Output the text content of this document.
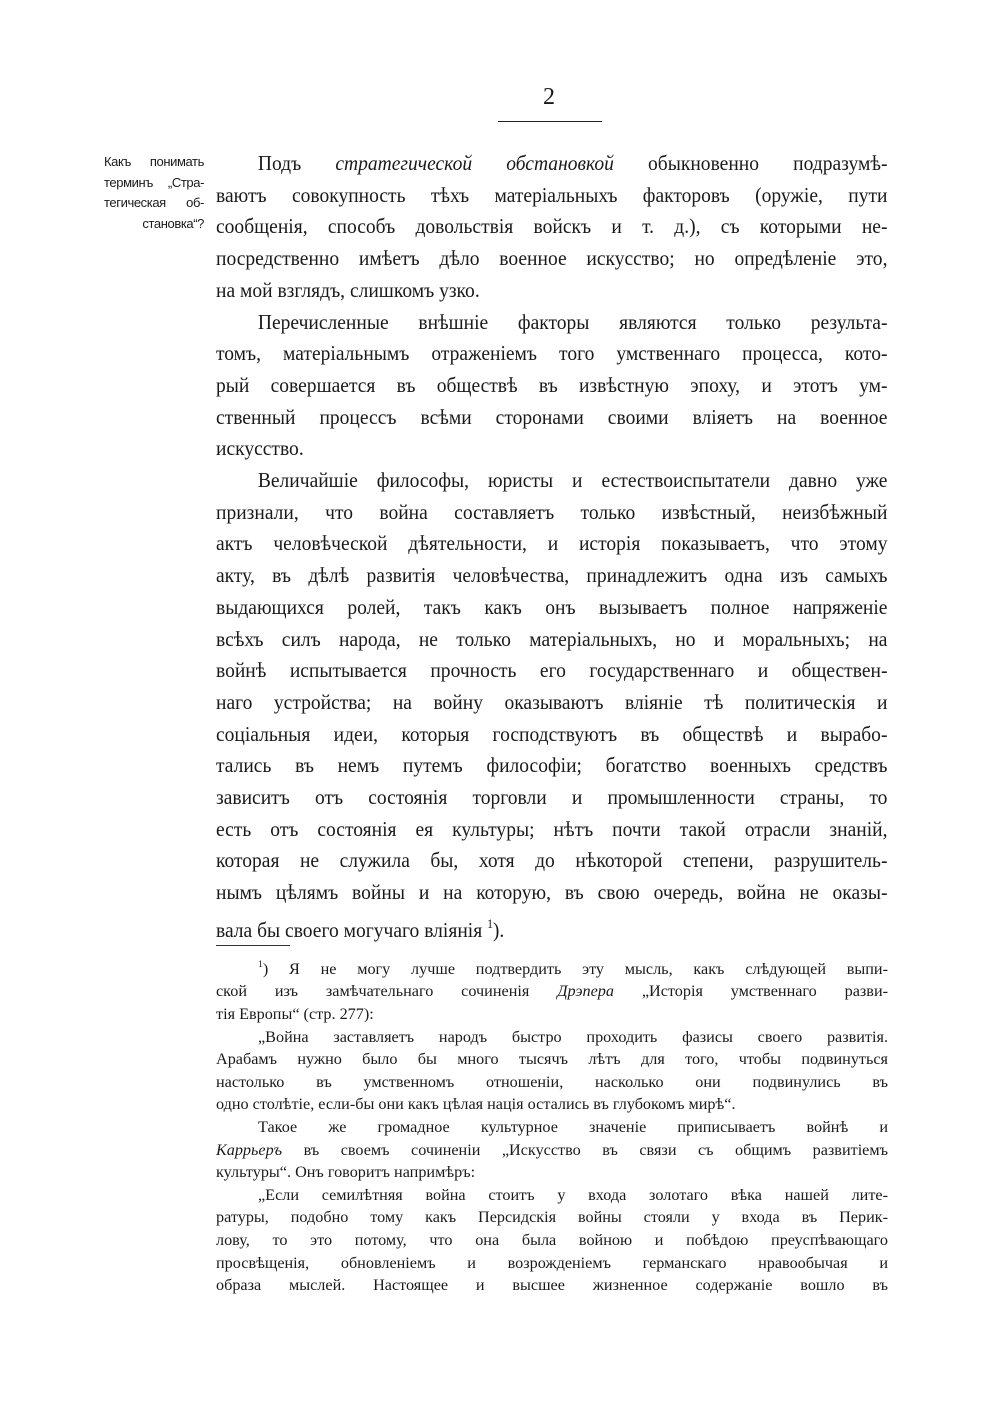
2
Какъ понимать
терминъ „Стра-
тегическая об-
становка“?
Подъ стратегической обстановкой обыкновенно подразумѣ-
ваютъ совокупность тѣхъ матеріальныхъ факторовъ (оружіе, пути
сообщенія, способъ довольствія войскъ и т. д.), съ которыми не-
посредственно имѣетъ дѣло военное искусство; но опредѣленіе это,
на мой взглядъ, слишкомъ узко.
Перечисленные внѣшніе факторы являются только результа-
томъ, матеріальнымъ отраженіемъ того умственнаго процесса, кото-
рый совершается въ обществѣ въ извѣстную эпоху, и этотъ ум-
ственный процессъ всѣми сторонами своими вліяетъ на военное
искусство.
Величайшіе философы, юристы и естествоиспытатели давно уже
признали, что война составляетъ только извѣстный, неизбѣжный
актъ человѣческой дѣятельности, и исторія показываетъ, что этому
акту, въ дѣлѣ развитія человѣчества, принадлежитъ одна изъ самыхъ
выдающихся ролей, такъ какъ онъ вызываетъ полное напряженіе
всѣхъ силъ народа, не только матеріальныхъ, но и моральныхъ; на
войнѣ испытывается прочность его государственнаго и обществен-
наго устройства; на войну оказываютъ вліяніе тѣ политическія и
соціальныя идеи, которыя господствуютъ въ обществѣ и вырабо-
тались въ немъ путемъ философіи; богатство военныхъ средствъ
зависитъ отъ состоянія торговли и промышленности страны, то
есть отъ состоянія ея культуры; нѣтъ почти такой отрасли знаній,
которая не служила бы, хотя до нѣкоторой степени, разрушитель-
нымъ цѣлямъ войны и на которую, въ свою очередь, война не оказы-
вала бы своего могучаго вліянія $^1$).
$^1$) Я не могу лучше подтвердить эту мысль, какъ слѣдующей выпи-
ской изъ замѣчательнаго сочиненія Дрэпера „Исторія умственнаго разви-
тія Европы“ (стр. 277):
„Война заставляетъ народъ быстро проходить фазисы своего развитія.
Арабамъ нужно было бы много тысячъ лѣтъ для того, чтобы подвинуться
настолько въ умственномъ отношеніи, насколько они подвинулись въ
одно столѣтіе, если-бы они какъ цѣлая нація остались въ глубокомъ мирѣ“.
Такое же громадное культурное значеніе приписываетъ войнѣ и
Каррьеръ въ своемъ сочиненіи „Искусство въ связи съ общимъ развитіемъ
культуры“. Онъ говоритъ напримѣръ:
„Если семилѣтняя война стоитъ у входа золотаго вѣка нашей лите-
ратуры, подобно тому какъ Персидскія войны стояли у входа въ Перик-
лову, то это потому, что она была войною и побѣдою преуспѣвающаго
просвѣщенія, обновленіемъ и возрожденіемъ германскаго нравообычая и
образа мыслей. Настоящее и высшее жизненное содержаніе вошло въ
